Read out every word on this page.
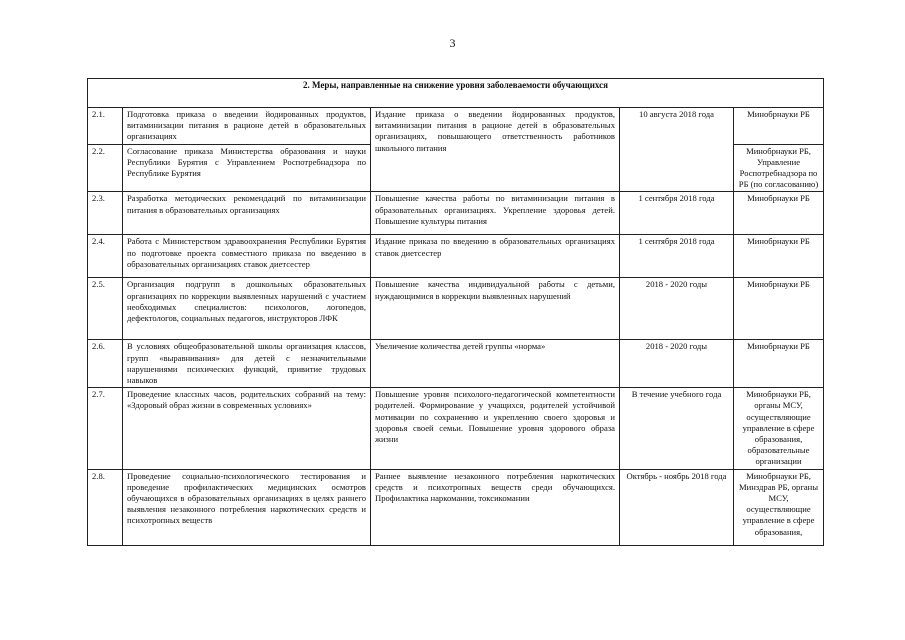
3
2. Меры, направленные на снижение уровня заболеваемости обучающихся				
2.1.	Подготовка приказа о введении йодированных продуктов, витаминизации питания в рационе детей в образовательных организациях	Издание приказа о введении йодированных продуктов, витаминизации питания в рационе детей в образовательных организациях, повышающего ответственность работников школьного питания	10 августа 2018 года	Минобрнауки РБ
2.2.	Согласование приказа Министерства образования и науки Республики Бурятия с Управлением Роспотребнадзора по Республике Бурятия			Минобрнауки РБ, Управление Роспотребнадзора по РБ (по согласованию)
2.3.	Разработка методических рекомендаций по витаминизации питания в образовательных организациях	Повышение качества работы по витаминизации питания в образовательных организациях. Укрепление здоровья детей. Повышение культуры питания	1 сентября 2018 года	Минобрнауки РБ
2.4.	Работа с Министерством здравоохранения Республики Бурятия по подготовке проекта совместного приказа по введению в образовательных организациях ставок диетсестер	Издание приказа по введению в образовательных организациях ставок диетсестер	1 сентября 2018 года	Минобрнауки РБ
2.5.	Организация подгрупп в дошкольных образовательных организациях по коррекции выявленных нарушений с участием необходимых специалистов: психологов, логопедов, дефектологов, социальных педагогов, инструкторов ЛФК	Повышение качества индивидуальной работы с детьми, нуждающимися в коррекции выявленных нарушений	2018 - 2020 годы	Минобрнауки РБ
2.6.	В условиях общеобразовательной школы организация классов, групп «выравнивания» для детей с незначительными нарушениями психических функций, привитие трудовых навыков	Увеличение количества детей группы «норма»	2018 - 2020 годы	Минобрнауки РБ
2.7.	Проведение классных часов, родительских собраний на тему: «Здоровый образ жизни в современных условиях»	Повышение уровня психолого-педагогической компетентности родителей. Формирование у учащихся, родителей устойчивой мотивации по сохранению и укреплению своего здоровья и здоровья своей семьи. Повышение уровня здорового образа жизни	В течение учебного года	Минобрнауки РБ, органы МСУ, осуществляющие управление в сфере образования, образовательные организации
2.8.	Проведение социально-психологического тестирования и проведение профилактических медицинских осмотров обучающихся в образовательных организациях в целях раннего выявления незаконного потребления наркотических средств и психотропных веществ	Раннее выявление незаконного потребления наркотических средств и психотропных веществ среди обучающихся. Профилактика наркомании, токсикомании	Октябрь - ноябрь 2018 года	Минобрнауки РБ, Минздрав РБ, органы МСУ, осуществляющие управление в сфере образования,
